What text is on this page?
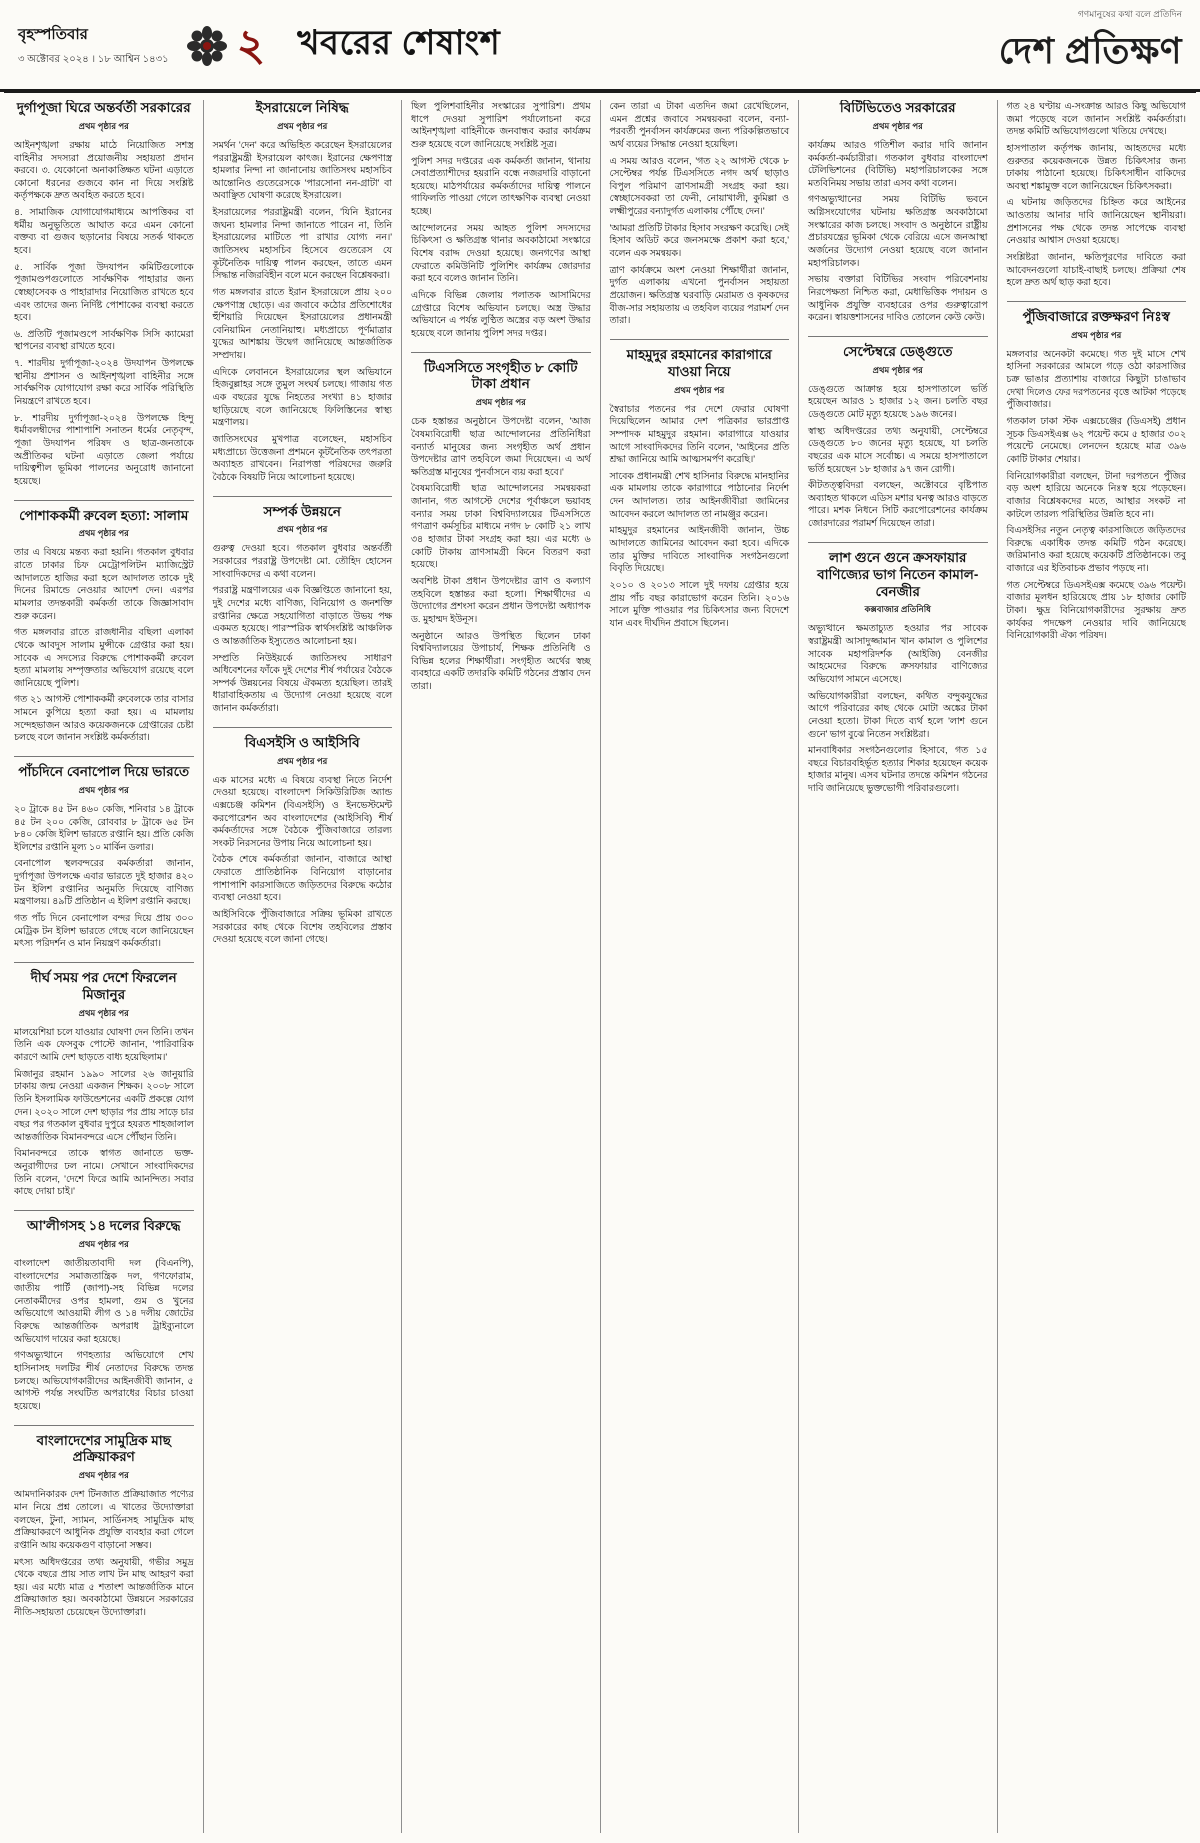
বৃহস্পতিবার
৩ অক্টোবর ২০২৪ । ১৮ আশ্বিন ১৪৩১ ২ খবরের শেষাংশ
গণমানুষের কথা বলে প্রতিদিন
দেশ প্রতিক্ষণ
দুর্গাপূজা ঘিরে অন্তর্বর্তী সরকারের
প্রথম পৃষ্ঠার পর

আইনশৃঙ্খলা রক্ষায় মাঠে নিয়োজিত সশস্ত্র বাহিনীর সদস্যরা প্রয়োজনীয় সহায়তা প্রদান করবে। ৩. যেকোনো অনাকাঙ্ক্ষিত ঘটনা এড়াতে কোনো ধরনের গুজবে কান না দিয়ে সংশ্লিষ্ট কর্তৃপক্ষকে দ্রুত অবহিত করতে হবে।

৪. সামাজিক যোগাযোগমাধ্যমে আপত্তিকর বা ধর্মীয় অনুভূতিতে আঘাত করে এমন কোনো বক্তব্য বা গুজব ছড়ানোর বিষয়ে সতর্ক থাকতে হবে।

৫. সার্বিক পূজা উদযাপন কমিটিগুলোকে পূজামণ্ডপগুলোতে সার্বক্ষণিক পাহারার জন্য স্বেচ্ছাসেবক ও পাহারাদার নিয়োজিত রাখতে হবে এবং তাদের জন্য নির্দিষ্ট পোশাকের ব্যবস্থা করতে হবে।

৬. প্রতিটি পূজামণ্ডপে সার্বক্ষণিক সিসি ক্যামেরা স্থাপনের ব্যবস্থা রাখতে হবে।

৭. শারদীয় দুর্গাপূজা-২০২৪ উদযাপন উপলক্ষে স্থানীয় প্রশাসন ও আইনশৃঙ্খলা বাহিনীর সঙ্গে সার্বক্ষণিক যোগাযোগ রক্ষা করে সার্বিক পরিস্থিতি নিয়ন্ত্রণে রাখতে হবে।

৮. শারদীয় দুর্গাপূজা-২০২৪ উপলক্ষে হিন্দু ধর্মাবলম্বীদের পাশাপাশি সনাতন ধর্মের নেতৃবৃন্দ, পূজা উদযাপন পরিষদ ও ছাত্র-জনতাকে অপ্রীতিকর ঘটনা এড়াতে জেলা পর্যায়ে দায়িত্বশীল ভূমিকা পালনের অনুরোধ জানানো হয়েছে।

পোশাককর্মী রুবেল হত্যা: সালাম
প্রথম পৃষ্ঠার পর

তার এ বিষয়ে মন্তব্য করা হয়নি। গতকাল বুধবার রাতে ঢাকার চিফ মেট্রোপলিটন ম্যাজিস্ট্রেট আদালতে হাজির করা হলে আদালত তাকে দুই দিনের রিমান্ডে নেওয়ার আদেশ দেন। এরপর মামলার তদন্তকারী কর্মকর্তা তাকে জিজ্ঞাসাবাদ শুরু করেন।

গত মঙ্গলবার রাতে রাজধানীর বছিলা এলাকা থেকে আবদুস সালাম মুন্সীকে গ্রেপ্তার করা হয়। সাবেক এ সদস্যের বিরুদ্ধে পোশাককর্মী রুবেল হত্যা মামলায় সম্পৃক্ততার অভিযোগ রয়েছে বলে জানিয়েছে পুলিশ।

গত ২১ আগস্ট পোশাককর্মী রুবেলকে তার বাসার সামনে কুপিয়ে হত্যা করা হয়। এ মামলায় সন্দেহভাজন আরও কয়েকজনকে গ্রেপ্তারের চেষ্টা চলছে বলে জানান সংশ্লিষ্ট কর্মকর্তারা।

পাঁচদিনে বেনাপোল দিয়ে ভারতে
প্রথম পৃষ্ঠার পর

২০ ট্রাকে ৪৫ টন ৪৬০ কেজি, শনিবার ১৪ ট্রাকে ৪৫ টন ২০০ কেজি, রোববার ৮ ট্রাকে ৬৫ টন ৮৪০ কেজি ইলিশ ভারতে রপ্তানি হয়। প্রতি কেজি ইলিশের রপ্তানি মূল্য ১০ মার্কিন ডলার।

বেনাপোল স্থলবন্দরের কর্মকর্তারা জানান, দুর্গাপূজা উপলক্ষে এবার ভারতে দুই হাজার ৪২০ টন ইলিশ রপ্তানির অনুমতি দিয়েছে বাণিজ্য মন্ত্রণালয়। ৪৯টি প্রতিষ্ঠান এ ইলিশ রপ্তানি করছে।

গত পাঁচ দিনে বেনাপোল বন্দর দিয়ে প্রায় ৩০০ মেট্রিক টন ইলিশ ভারতে গেছে বলে জানিয়েছেন মৎস্য পরিদর্শন ও মান নিয়ন্ত্রণ কর্মকর্তারা।

দীর্ঘ সময় পর দেশে ফিরলেন মিজানুর
প্রথম পৃষ্ঠার পর

মালয়েশিয়া চলে যাওয়ার ঘোষণা দেন তিনি। তখন তিনি এক ফেসবুক পোস্টে জানান, 'পারিবারিক কারণে আমি দেশ ছাড়তে বাধ্য হয়েছিলাম।'

মিজানুর রহমান ১৯৯০ সালের ২৬ জানুয়ারি ঢাকায় জন্ম নেওয়া একজন শিক্ষক। ২০০৮ সালে তিনি ইসলামিক ফাউন্ডেশনের একটি প্রকল্পে যোগ দেন। ২০২০ সালে দেশ ছাড়ার পর প্রায় সাড়ে চার বছর পর গতকাল বুধবার দুপুরে হযরত শাহজালাল আন্তর্জাতিক বিমানবন্দরে এসে পৌঁছান তিনি।

বিমানবন্দরে তাকে স্বাগত জানাতে ভক্ত-অনুরাগীদের ঢল নামে। সেখানে সাংবাদিকদের তিনি বলেন, 'দেশে ফিরে আমি আনন্দিত। সবার কাছে দোয়া চাই।'

আ'লীগসহ ১৪ দলের বিরুদ্ধে
প্রথম পৃষ্ঠার পর

বাংলাদেশ জাতীয়তাবাদী দল (বিএনপি), বাংলাদেশের সমাজতান্ত্রিক দল, গণফোরাম, জাতীয় পার্টি (জাপা)-সহ বিভিন্ন দলের নেতাকর্মীদের ওপর হামলা, গুম ও খুনের অভিযোগে আওয়ামী লীগ ও ১৪ দলীয় জোটের বিরুদ্ধে আন্তর্জাতিক অপরাধ ট্রাইব্যুনালে অভিযোগ দায়ের করা হয়েছে।

গণঅভ্যুত্থানে গণহত্যার অভিযোগে শেখ হাসিনাসহ দলটির শীর্ষ নেতাদের বিরুদ্ধে তদন্ত চলছে। অভিযোগকারীদের আইনজীবী জানান, ৫ আগস্ট পর্যন্ত সংঘটিত অপরাধের বিচার চাওয়া হয়েছে।

বাংলাদেশের সামুদ্রিক মাছ প্রক্রিয়াকরণ
প্রথম পৃষ্ঠার পর

আমদানিকারক দেশ টিনজাত প্রক্রিয়াজাত পণ্যের মান নিয়ে প্রশ্ন তোলে। এ খাতের উদ্যোক্তারা বলছেন, টুনা, স্যামন, সার্ডিনসহ সামুদ্রিক মাছ প্রক্রিয়াকরণে আধুনিক প্রযুক্তি ব্যবহার করা গেলে রপ্তানি আয় কয়েকগুণ বাড়ানো সম্ভব।

মৎস্য অধিদপ্তরের তথ্য অনুযায়ী, গভীর সমুদ্র থেকে বছরে প্রায় সাত লাখ টন মাছ আহরণ করা হয়। এর মধ্যে মাত্র ৫ শতাংশ আন্তর্জাতিক মানে প্রক্রিয়াজাত হয়। অবকাঠামো উন্নয়নে সরকারের নীতি-সহায়তা চেয়েছেন উদ্যোক্তারা।

ইসরায়েলে নিষিদ্ধ
প্রথম পৃষ্ঠার পর

সমর্থন 'দেন' করে অভিহিত করেছেন ইসরায়েলের পররাষ্ট্রমন্ত্রী ইসরায়েল কাৎজ। ইরানের ক্ষেপণাস্ত্র হামলার নিন্দা না জানানোয় জাতিসংঘ মহাসচিব আন্তোনিও গুতেরেসকে 'পারসোনা নন-গ্রাটা' বা অবাঞ্ছিত ঘোষণা করেছে ইসরায়েল।

ইসরায়েলের পররাষ্ট্রমন্ত্রী বলেন, 'যিনি ইরানের জঘন্য হামলার নিন্দা জানাতে পারেন না, তিনি ইসরায়েলের মাটিতে পা রাখার যোগ্য নন।' জাতিসংঘ মহাসচিব হিসেবে গুতেরেস যে কূটনৈতিক দায়িত্ব পালন করছেন, তাতে এমন সিদ্ধান্ত নজিরবিহীন বলে মনে করছেন বিশ্লেষকরা।

গত মঙ্গলবার রাতে ইরান ইসরায়েলে প্রায় ২০০ ক্ষেপণাস্ত্র ছোড়ে। এর জবাবে কঠোর প্রতিশোধের হুঁশিয়ারি দিয়েছেন ইসরায়েলের প্রধানমন্ত্রী বেনিয়ামিন নেতানিয়াহু। মধ্যপ্রাচ্যে পূর্ণমাত্রার যুদ্ধের আশঙ্কায় উদ্বেগ জানিয়েছে আন্তর্জাতিক সম্প্রদায়।

এদিকে লেবাননে ইসরায়েলের স্থল অভিযানে হিজবুল্লাহর সঙ্গে তুমুল সংঘর্ষ চলছে। গাজায় গত এক বছরের যুদ্ধে নিহতের সংখ্যা ৪১ হাজার ছাড়িয়েছে বলে জানিয়েছে ফিলিস্তিনের স্বাস্থ্য মন্ত্রণালয়।

জাতিসংঘের মুখপাত্র বলেছেন, মহাসচিব মধ্যপ্রাচ্যে উত্তেজনা প্রশমনে কূটনৈতিক তৎপরতা অব্যাহত রাখবেন। নিরাপত্তা পরিষদের জরুরি বৈঠকে বিষয়টি নিয়ে আলোচনা হয়েছে।

সম্পর্ক উন্নয়নে
প্রথম পৃষ্ঠার পর

গুরুত্ব দেওয়া হবে। গতকাল বুধবার অন্তর্বর্তী সরকারের পররাষ্ট্র উপদেষ্টা মো. তৌহিদ হোসেন সাংবাদিকদের এ কথা বলেন।

পররাষ্ট্র মন্ত্রণালয়ের এক বিজ্ঞপ্তিতে জানানো হয়, দুই দেশের মধ্যে বাণিজ্য, বিনিয়োগ ও জনশক্তি রপ্তানির ক্ষেত্রে সহযোগিতা বাড়াতে উভয় পক্ষ একমত হয়েছে। পারস্পরিক স্বার্থসংশ্লিষ্ট আঞ্চলিক ও আন্তর্জাতিক ইস্যুতেও আলোচনা হয়।

সম্প্রতি নিউইয়র্কে জাতিসংঘ সাধারণ অধিবেশনের ফাঁকে দুই দেশের শীর্ষ পর্যায়ের বৈঠকে সম্পর্ক উন্নয়নের বিষয়ে ঐকমত্য হয়েছিল। তারই ধারাবাহিকতায় এ উদ্যোগ নেওয়া হয়েছে বলে জানান কর্মকর্তারা।

বিএসইসি ও আইসিবি
প্রথম পৃষ্ঠার পর

এক মাসের মধ্যে এ বিষয়ে ব্যবস্থা নিতে নির্দেশ দেওয়া হয়েছে। বাংলাদেশ সিকিউরিটিজ অ্যান্ড এক্সচেঞ্জ কমিশন (বিএসইসি) ও ইনভেস্টমেন্ট করপোরেশন অব বাংলাদেশের (আইসিবি) শীর্ষ কর্মকর্তাদের সঙ্গে বৈঠকে পুঁজিবাজারে তারল্য সংকট নিরসনের উপায় নিয়ে আলোচনা হয়।

বৈঠক শেষে কর্মকর্তারা জানান, বাজারে আস্থা ফেরাতে প্রাতিষ্ঠানিক বিনিয়োগ বাড়ানোর পাশাপাশি কারসাজিতে জড়িতদের বিরুদ্ধে কঠোর ব্যবস্থা নেওয়া হবে।

আইসিবিকে পুঁজিবাজারে সক্রিয় ভূমিকা রাখতে সরকারের কাছ থেকে বিশেষ তহবিলের প্রস্তাব দেওয়া হয়েছে বলে জানা গেছে।

ছিল পুলিশবাহিনীর সংস্কারের সুপারিশ। প্রথম ধাপে দেওয়া সুপারিশ পর্যালোচনা করে আইনশৃঙ্খলা বাহিনীকে জনবান্ধব করার কার্যক্রম শুরু হয়েছে বলে জানিয়েছে সংশ্লিষ্ট সূত্র।

পুলিশ সদর দপ্তরের এক কর্মকর্তা জানান, থানায় সেবাপ্রত্যাশীদের হয়রানি বন্ধে নজরদারি বাড়ানো হয়েছে। মাঠপর্যায়ের কর্মকর্তাদের দায়িত্ব পালনে গাফিলতি পাওয়া গেলে তাৎক্ষণিক ব্যবস্থা নেওয়া হচ্ছে।

আন্দোলনের সময় আহত পুলিশ সদস্যদের চিকিৎসা ও ক্ষতিগ্রস্ত থানার অবকাঠামো সংস্কারে বিশেষ বরাদ্দ দেওয়া হয়েছে। জনগণের আস্থা ফেরাতে কমিউনিটি পুলিশিং কার্যক্রম জোরদার করা হবে বলেও জানান তিনি।

এদিকে বিভিন্ন জেলায় পলাতক আসামিদের গ্রেপ্তারে বিশেষ অভিযান চলছে। অস্ত্র উদ্ধার অভিযানে এ পর্যন্ত লুণ্ঠিত অস্ত্রের বড় অংশ উদ্ধার হয়েছে বলে জানায় পুলিশ সদর দপ্তর।

টিএসসিতে সংগৃহীত ৮ কোটি টাকা প্রধান
প্রথম পৃষ্ঠার পর

চেক হস্তান্তর অনুষ্ঠানে উপদেষ্টা বলেন, 'আজ বৈষম্যবিরোধী ছাত্র আন্দোলনের প্রতিনিধিরা বন্যার্ত মানুষের জন্য সংগৃহীত অর্থ প্রধান উপদেষ্টার ত্রাণ তহবিলে জমা দিয়েছেন। এ অর্থ ক্ষতিগ্রস্ত মানুষের পুনর্বাসনে ব্যয় করা হবে।'

বৈষম্যবিরোধী ছাত্র আন্দোলনের সমন্বয়করা জানান, গত আগস্টে দেশের পূর্বাঞ্চলে ভয়াবহ বন্যার সময় ঢাকা বিশ্ববিদ্যালয়ের টিএসসিতে গণত্রাণ কর্মসূচির মাধ্যমে নগদ ৮ কোটি ২১ লাখ ৩৪ হাজার টাকা সংগ্রহ করা হয়। এর মধ্যে ৬ কোটি টাকায় ত্রাণসামগ্রী কিনে বিতরণ করা হয়েছে।

অবশিষ্ট টাকা প্রধান উপদেষ্টার ত্রাণ ও কল্যাণ তহবিলে হস্তান্তর করা হলো। শিক্ষার্থীদের এ উদ্যোগের প্রশংসা করেন প্রধান উপদেষ্টা অধ্যাপক ড. মুহাম্মদ ইউনূস।

অনুষ্ঠানে আরও উপস্থিত ছিলেন ঢাকা বিশ্ববিদ্যালয়ের উপাচার্য, শিক্ষক প্রতিনিধি ও বিভিন্ন হলের শিক্ষার্থীরা। সংগৃহীত অর্থের স্বচ্ছ ব্যবহারে একটি তদারকি কমিটি গঠনের প্রস্তাব দেন তারা।

কেন তারা এ টাকা এতদিন জমা রেখেছিলেন, এমন প্রশ্নের জবাবে সমন্বয়করা বলেন, বন্যা-পরবর্তী পুনর্বাসন কার্যক্রমের জন্য পরিকল্পিতভাবে অর্থ ব্যয়ের সিদ্ধান্ত নেওয়া হয়েছিল।

এ সময় আরও বলেন, 'গত ২২ আগস্ট থেকে ৮ সেপ্টেম্বর পর্যন্ত টিএসসিতে নগদ অর্থ ছাড়াও বিপুল পরিমাণ ত্রাণসামগ্রী সংগ্রহ করা হয়। স্বেচ্ছাসেবকরা তা ফেনী, নোয়াখালী, কুমিল্লা ও লক্ষ্মীপুরের বন্যাদুর্গত এলাকায় পৌঁছে দেন।'

'আমরা প্রতিটি টাকার হিসাব সংরক্ষণ করেছি। সেই হিসাব অডিট করে জনসমক্ষে প্রকাশ করা হবে,' বলেন এক সমন্বয়ক।

ত্রাণ কার্যক্রমে অংশ নেওয়া শিক্ষার্থীরা জানান, দুর্গত এলাকায় এখনো পুনর্বাসন সহায়তা প্রয়োজন। ক্ষতিগ্রস্ত ঘরবাড়ি মেরামত ও কৃষকদের বীজ-সার সহায়তায় এ তহবিল ব্যয়ের পরামর্শ দেন তারা।

মাহমুদুর রহমানের কারাগারে যাওয়া নিয়ে
প্রথম পৃষ্ঠার পর

স্বৈরাচার পতনের পর দেশে ফেরার ঘোষণা দিয়েছিলেন আমার দেশ পত্রিকার ভারপ্রাপ্ত সম্পাদক মাহমুদুর রহমান। কারাগারে যাওয়ার আগে সাংবাদিকদের তিনি বলেন, 'আইনের প্রতি শ্রদ্ধা জানিয়ে আমি আত্মসমর্পণ করেছি।'

সাবেক প্রধানমন্ত্রী শেখ হাসিনার বিরুদ্ধে মানহানির এক মামলায় তাকে কারাগারে পাঠানোর নির্দেশ দেন আদালত। তার আইনজীবীরা জামিনের আবেদন করলে আদালত তা নামঞ্জুর করেন।

মাহমুদুর রহমানের আইনজীবী জানান, উচ্চ আদালতে জামিনের আবেদন করা হবে। এদিকে তার মুক্তির দাবিতে সাংবাদিক সংগঠনগুলো বিবৃতি দিয়েছে।

২০১০ ও ২০১৩ সালে দুই দফায় গ্রেপ্তার হয়ে প্রায় পাঁচ বছর কারাভোগ করেন তিনি। ২০১৬ সালে মুক্তি পাওয়ার পর চিকিৎসার জন্য বিদেশে যান এবং দীর্ঘদিন প্রবাসে ছিলেন।

বিটিভিতেও সরকারের
প্রথম পৃষ্ঠার পর

কার্যক্রম আরও গতিশীল করার দাবি জানান কর্মকর্তা-কর্মচারীরা। গতকাল বুধবার বাংলাদেশ টেলিভিশনের (বিটিভি) মহাপরিচালকের সঙ্গে মতবিনিময় সভায় তারা এসব কথা বলেন।

গণঅভ্যুত্থানের সময় বিটিভি ভবনে অগ্নিসংযোগের ঘটনায় ক্ষতিগ্রস্ত অবকাঠামো সংস্কারের কাজ চলছে। সংবাদ ও অনুষ্ঠানে রাষ্ট্রীয় প্রচারযন্ত্রের ভূমিকা থেকে বেরিয়ে এসে জনআস্থা অর্জনের উদ্যোগ নেওয়া হয়েছে বলে জানান মহাপরিচালক।

সভায় বক্তারা বিটিভির সংবাদ পরিবেশনায় নিরপেক্ষতা নিশ্চিত করা, মেধাভিত্তিক পদায়ন ও আধুনিক প্রযুক্তি ব্যবহারের ওপর গুরুত্বারোপ করেন। স্বায়ত্তশাসনের দাবিও তোলেন কেউ কেউ।

সেপ্টেম্বরে ডেঙ্গুতে
প্রথম পৃষ্ঠার পর

ডেঙ্গুতে আক্রান্ত হয়ে হাসপাতালে ভর্তি হয়েছেন আরও ১ হাজার ১২ জন। চলতি বছর ডেঙ্গুতে মোট মৃত্যু হয়েছে ১৯৬ জনের।

স্বাস্থ্য অধিদপ্তরের তথ্য অনুযায়ী, সেপ্টেম্বরে ডেঙ্গুতে ৮০ জনের মৃত্যু হয়েছে, যা চলতি বছরের এক মাসে সর্বোচ্চ। এ সময়ে হাসপাতালে ভর্তি হয়েছেন ১৮ হাজার ৯৭ জন রোগী।

কীটতত্ত্ববিদরা বলছেন, অক্টোবরে বৃষ্টিপাত অব্যাহত থাকলে এডিস মশার ঘনত্ব আরও বাড়তে পারে। মশক নিধনে সিটি করপোরেশনের কার্যক্রম জোরদারের পরামর্শ দিয়েছেন তারা।

লাশ গুনে গুনে ক্রসফায়ার বাণিজ্যের ভাগ নিতেন কামাল-বেনজীর
কক্সবাজার প্রতিনিধি

অভ্যুত্থানে ক্ষমতাচ্যুত হওয়ার পর সাবেক স্বরাষ্ট্রমন্ত্রী আসাদুজ্জামান খান কামাল ও পুলিশের সাবেক মহাপরিদর্শক (আইজি) বেনজীর আহমেদের বিরুদ্ধে ক্রসফায়ার বাণিজ্যের অভিযোগ সামনে এসেছে।

অভিযোগকারীরা বলছেন, কথিত বন্দুকযুদ্ধের আগে পরিবারের কাছ থেকে মোটা অঙ্কের টাকা নেওয়া হতো। টাকা দিতে ব্যর্থ হলে 'লাশ গুনে গুনে' ভাগ বুঝে নিতেন সংশ্লিষ্টরা।

মানবাধিকার সংগঠনগুলোর হিসাবে, গত ১৫ বছরে বিচারবহির্ভূত হত্যার শিকার হয়েছেন কয়েক হাজার মানুষ। এসব ঘটনার তদন্তে কমিশন গঠনের দাবি জানিয়েছে ভুক্তভোগী পরিবারগুলো।

গত ২৪ ঘণ্টায় এ-সংক্রান্ত আরও কিছু অভিযোগ জমা পড়েছে বলে জানান সংশ্লিষ্ট কর্মকর্তারা। তদন্ত কমিটি অভিযোগগুলো খতিয়ে দেখছে।

হাসপাতাল কর্তৃপক্ষ জানায়, আহতদের মধ্যে গুরুতর কয়েকজনকে উন্নত চিকিৎসার জন্য ঢাকায় পাঠানো হয়েছে। চিকিৎসাধীন বাকিদের অবস্থা শঙ্কামুক্ত বলে জানিয়েছেন চিকিৎসকরা।

এ ঘটনায় জড়িতদের চিহ্নিত করে আইনের আওতায় আনার দাবি জানিয়েছেন স্থানীয়রা। প্রশাসনের পক্ষ থেকে তদন্ত সাপেক্ষে ব্যবস্থা নেওয়ার আশ্বাস দেওয়া হয়েছে।

সংশ্লিষ্টরা জানান, ক্ষতিপূরণের দাবিতে করা আবেদনগুলো যাচাই-বাছাই চলছে। প্রক্রিয়া শেষ হলে দ্রুত অর্থ ছাড় করা হবে।

পুঁজিবাজারে রক্তক্ষরণ নিঃস্ব
প্রথম পৃষ্ঠার পর

মঙ্গলবার অনেকটা কমেছে। গত দুই মাসে শেখ হাসিনা সরকারের আমলে গড়ে ওঠা কারসাজির চক্র ভাঙার প্রত্যাশায় বাজারে কিছুটা চাঙাভাব দেখা দিলেও ফের দরপতনের বৃত্তে আটকা পড়েছে পুঁজিবাজার।

গতকাল ঢাকা স্টক এক্সচেঞ্জের (ডিএসই) প্রধান সূচক ডিএসইএক্স ৬২ পয়েন্ট কমে ৫ হাজার ৩০২ পয়েন্টে নেমেছে। লেনদেন হয়েছে মাত্র ৩৯৬ কোটি টাকার শেয়ার।

বিনিয়োগকারীরা বলছেন, টানা দরপতনে পুঁজির বড় অংশ হারিয়ে অনেকে নিঃস্ব হয়ে পড়েছেন। বাজার বিশ্লেষকদের মতে, আস্থার সংকট না কাটলে তারল্য পরিস্থিতির উন্নতি হবে না।

বিএসইসির নতুন নেতৃত্ব কারসাজিতে জড়িতদের বিরুদ্ধে একাধিক তদন্ত কমিটি গঠন করেছে। জরিমানাও করা হয়েছে কয়েকটি প্রতিষ্ঠানকে। তবু বাজারে এর ইতিবাচক প্রভাব পড়ছে না।

গত সেপ্টেম্বরে ডিএসইএক্স কমেছে ৩৯৬ পয়েন্ট। বাজার মূলধন হারিয়েছে প্রায় ১৮ হাজার কোটি টাকা। ক্ষুদ্র বিনিয়োগকারীদের সুরক্ষায় দ্রুত কার্যকর পদক্ষেপ নেওয়ার দাবি জানিয়েছে বিনিয়োগকারী ঐক্য পরিষদ।
